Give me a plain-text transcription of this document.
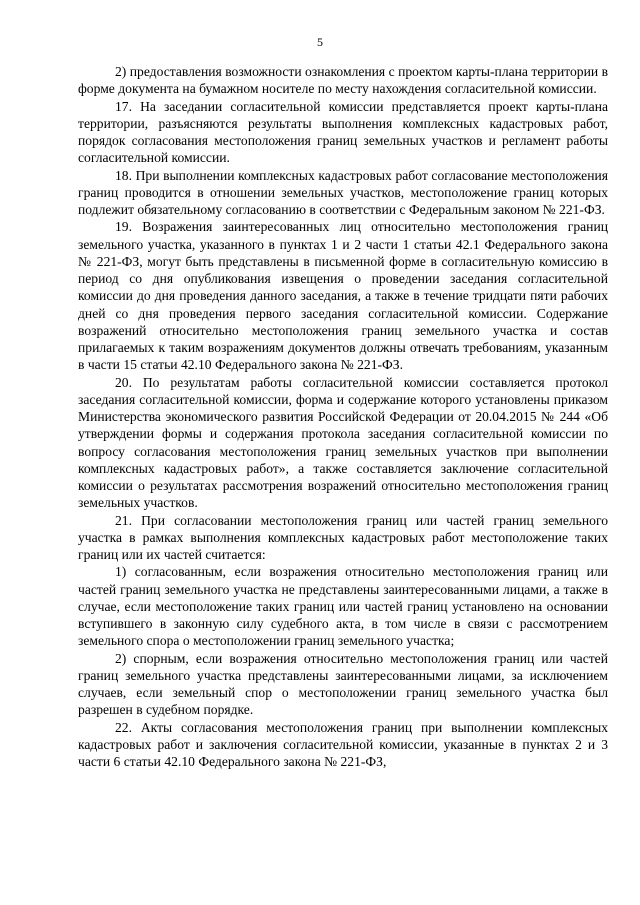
5

2) предоставления возможности ознакомления с проектом карты-плана территории в форме документа на бумажном носителе по месту нахождения согласительной комиссии.

17. На заседании согласительной комиссии представляется проект карты-плана территории, разъясняются результаты выполнения комплексных кадастровых работ, порядок согласования местоположения границ земельных участков и регламент работы согласительной комиссии.

18. При выполнении комплексных кадастровых работ согласование местоположения границ проводится в отношении земельных участков, местоположение границ которых подлежит обязательному согласованию в соответствии с Федеральным законом № 221-ФЗ.

19. Возражения заинтересованных лиц относительно местоположения границ земельного участка, указанного в пунктах 1 и 2 части 1 статьи 42.1 Федерального закона № 221-ФЗ, могут быть представлены в письменной форме в согласительную комиссию в период со дня опубликования извещения о проведении заседания согласительной комиссии до дня проведения данного заседания, а также в течение тридцати пяти рабочих дней со дня проведения первого заседания согласительной комиссии. Содержание возражений относительно местоположения границ земельного участка и состав прилагаемых к таким возражениям документов должны отвечать требованиям, указанным в части 15 статьи 42.10 Федерального закона № 221-ФЗ.

20. По результатам работы согласительной комиссии составляется протокол заседания согласительной комиссии, форма и содержание которого установлены приказом Министерства экономического развития Российской Федерации от 20.04.2015 № 244 «Об утверждении формы и содержания протокола заседания согласительной комиссии по вопросу согласования местоположения границ земельных участков при выполнении комплексных кадастровых работ», а также составляется заключение согласительной комиссии о результатах рассмотрения возражений относительно местоположения границ земельных участков.

21. При согласовании местоположения границ или частей границ земельного участка в рамках выполнения комплексных кадастровых работ местоположение таких границ или их частей считается:

1) согласованным, если возражения относительно местоположения границ или частей границ земельного участка не представлены заинтересованными лицами, а также в случае, если местоположение таких границ или частей границ установлено на основании вступившего в законную силу судебного акта, в том числе в связи с рассмотрением земельного спора о местоположении границ земельного участка;

2) спорным, если возражения относительно местоположения границ или частей границ земельного участка представлены заинтересованными лицами, за исключением случаев, если земельный спор о местоположении границ земельного участка был разрешен в судебном порядке.

22. Акты согласования местоположения границ при выполнении комплексных кадастровых работ и заключения согласительной комиссии, указанные в пунктах 2 и 3 части 6 статьи 42.10 Федерального закона № 221-ФЗ,
